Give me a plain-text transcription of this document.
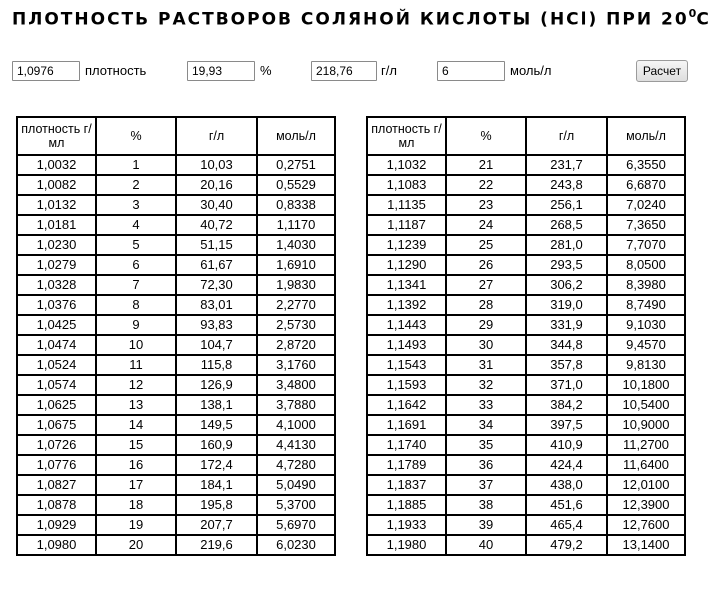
ПЛОТНОСТЬ РАСТВОРОВ СОЛЯНОЙ КИСЛОТЫ (HCl) ПРИ $20^0C$
1,0976
плотность
19,93	%
218,76	г/л
6	моль/л	Расчет
плотность г/мл	%	г/л	моль/л
1,0032	1	10,03	0,2751
1,0082	2	20,16	0,5529
1,0132	3	30,40	0,8338
1,0181	4	40,72	1,1170
1,0230	5	51,15	1,4030
1,0279	6	61,67	1,6910
1,0328	7	72,30	1,9830
1,0376	8	83,01	2,2770
1,0425	9	93,83	2,5730
1,0474	10	104,7	2,8720
1,0524	11	115,8	3,1760
1,0574	12	126,9	3,4800
1,0625	13	138,1	3,7880
1,0675	14	149,5	4,1000
1,0726	15	160,9	4,4130
1,0776	16	172,4	4,7280
1,0827	17	184,1	5,0490
1,0878	18	195,8	5,3700
1,0929	19	207,7	5,6970
1,0980	20	219,6	6,0230
плотность г/мл	%	г/л	моль/л
1,1032	21	231,7	6,3550
1,1083	22	243,8	6,6870
1,1135	23	256,1	7,0240
1,1187	24	268,5	7,3650
1,1239	25	281,0	7,7070
1,1290	26	293,5	8,0500
1,1341	27	306,2	8,3980
1,1392	28	319,0	8,7490
1,1443	29	331,9	9,1030
1,1493	30	344,8	9,4570
1,1543	31	357,8	9,8130
1,1593	32	371,0	10,1800
1,1642	33	384,2	10,5400
1,1691	34	397,5	10,9000
1,1740	35	410,9	11,2700
1,1789	36	424,4	11,6400
1,1837	37	438,0	12,0100
1,1885	38	451,6	12,3900
1,1933	39	465,4	12,7600
1,1980	40	479,2	13,1400
